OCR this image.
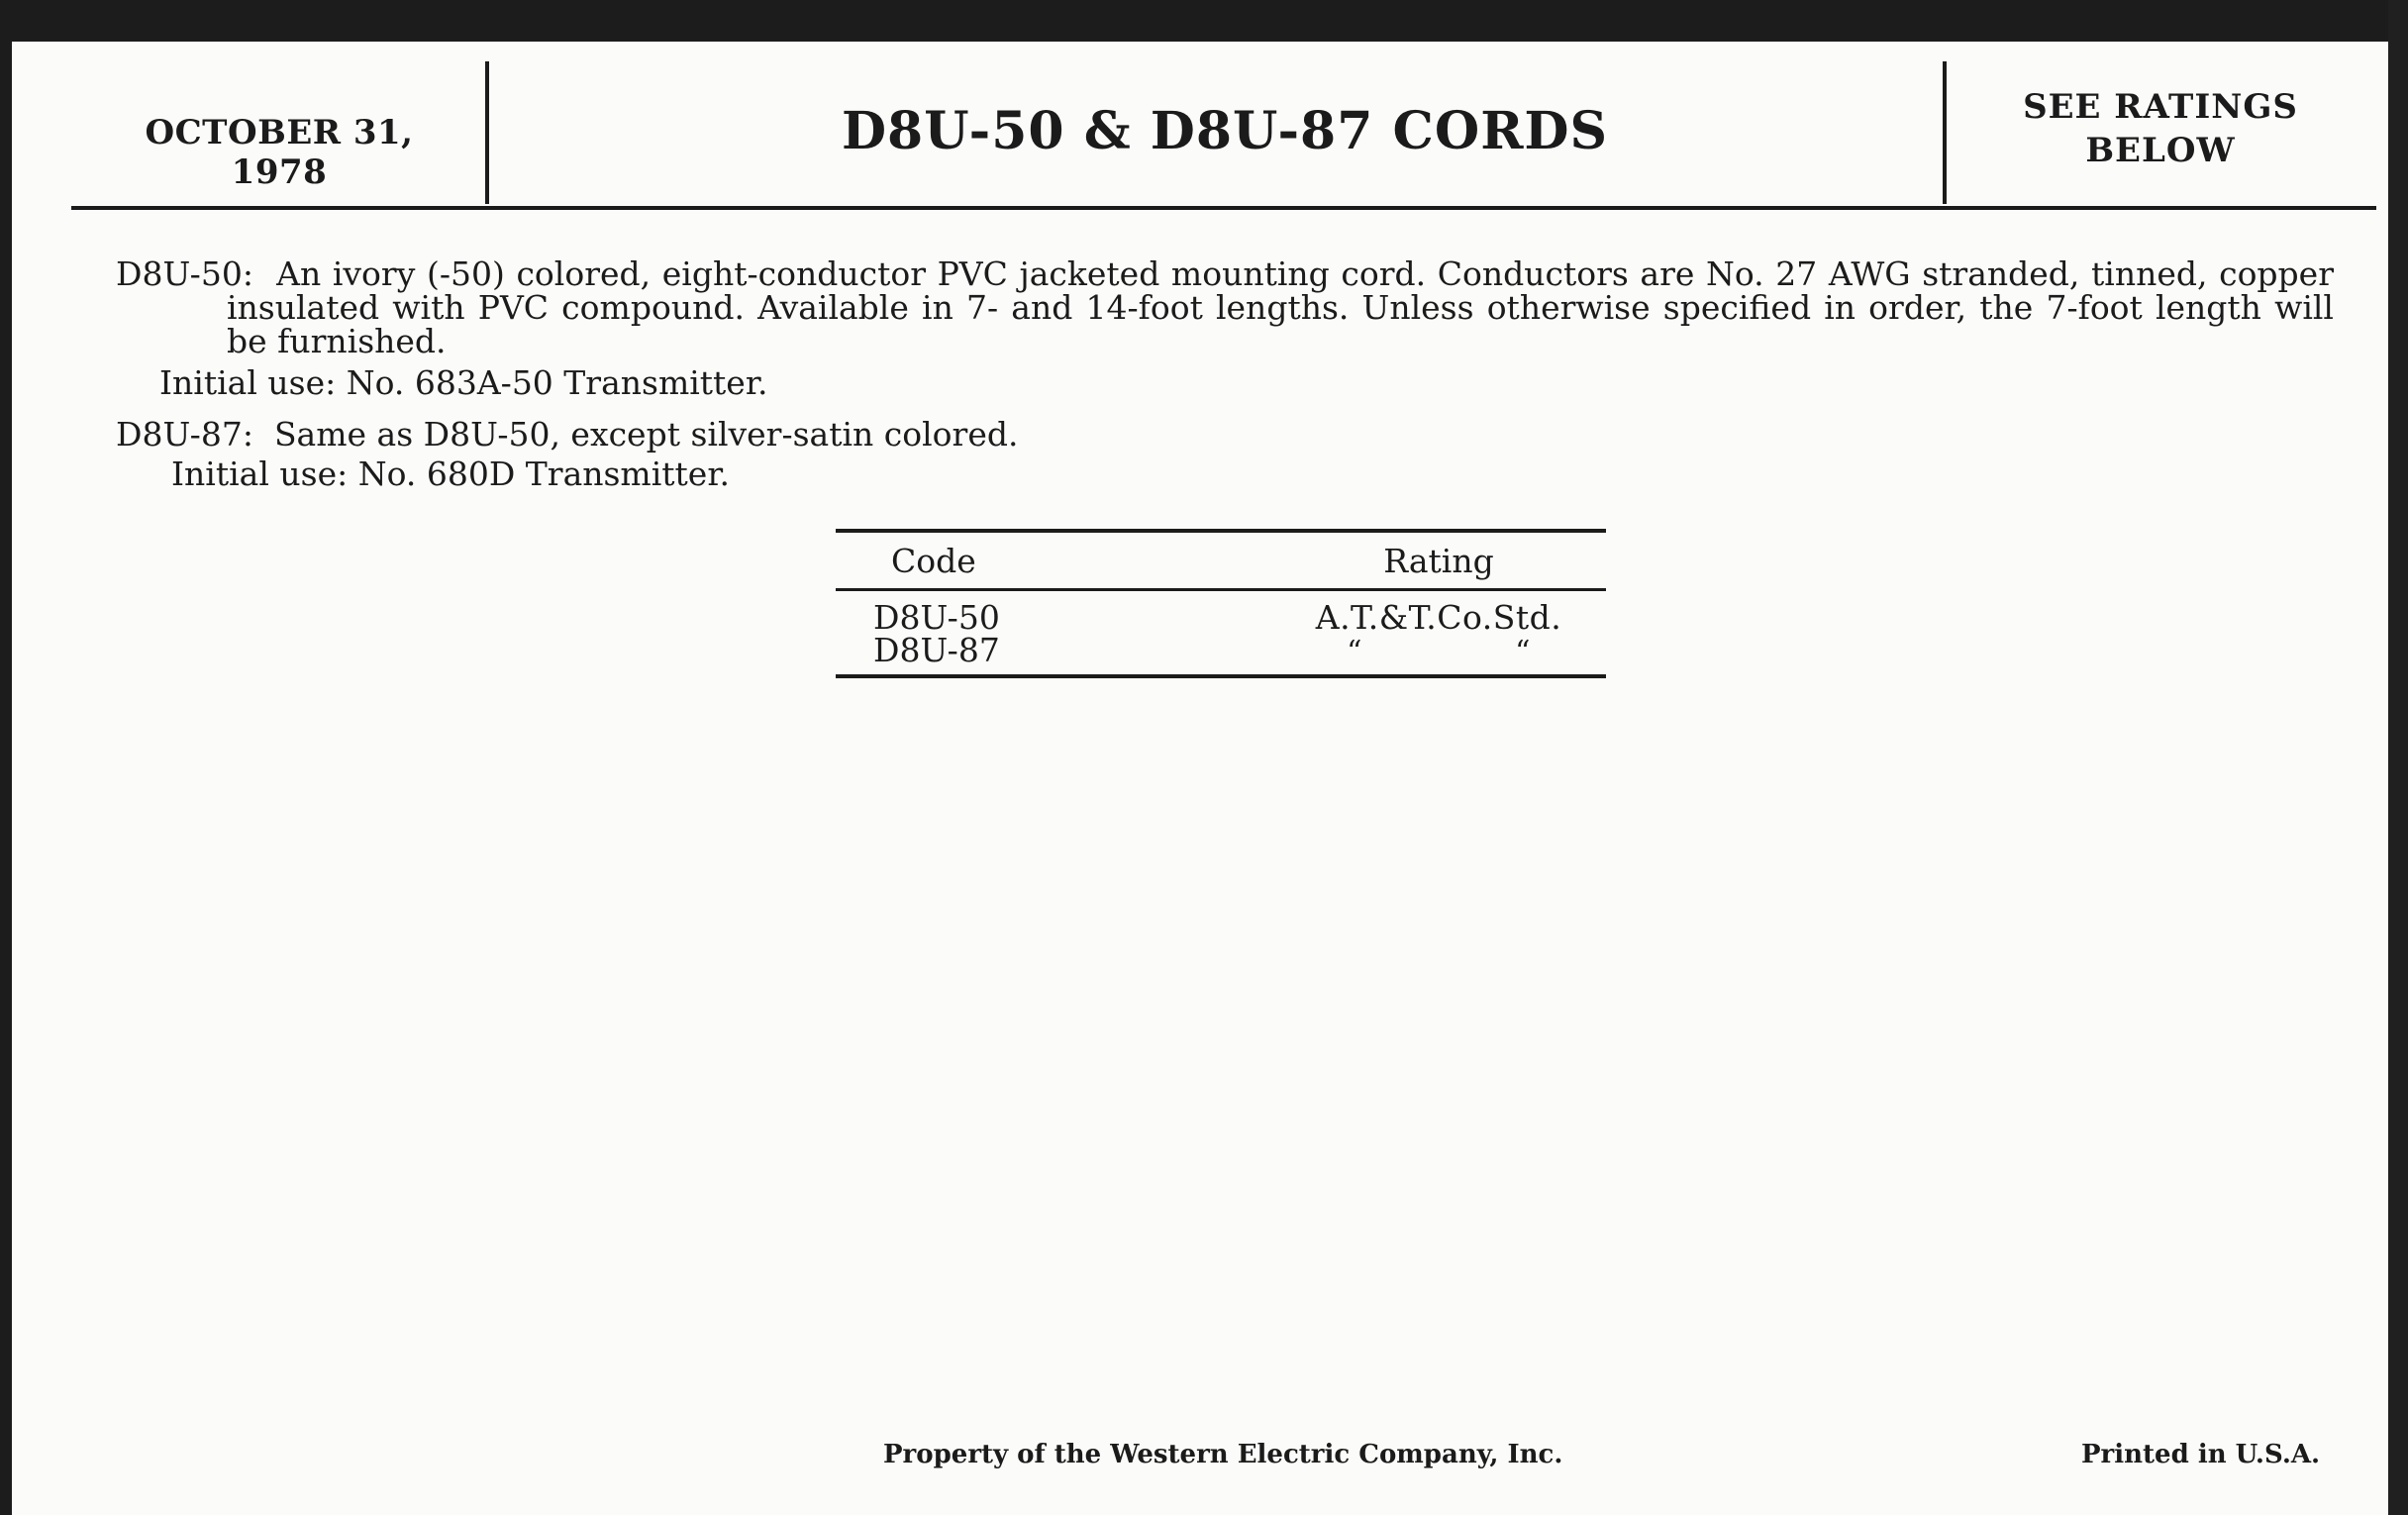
OCTOBER 31, 1978
D8U-50 & D8U-87 CORDS	SEE RATINGS
BELOW

D8U-50: An ivory (-50) colored, eight-conductor PVC jacketed mounting cord. Conductors are No. 27 AWG stranded, tinned, copper insulated with PVC compound. Available in 7- and 14-foot lengths. Unless otherwise specified in order, the 7-foot length will be furnished.

Initial use: No. 683A-50 Transmitter.

D8U-87: Same as D8U-50, except silver-satin colored.

Initial use: No. 680D Transmitter.
Code	Rating
D8U-50	A.T.&T.Co.Std.
D8U-87	“	“
Property of the Western Electric Company, Inc.	Printed in U.S.A.
